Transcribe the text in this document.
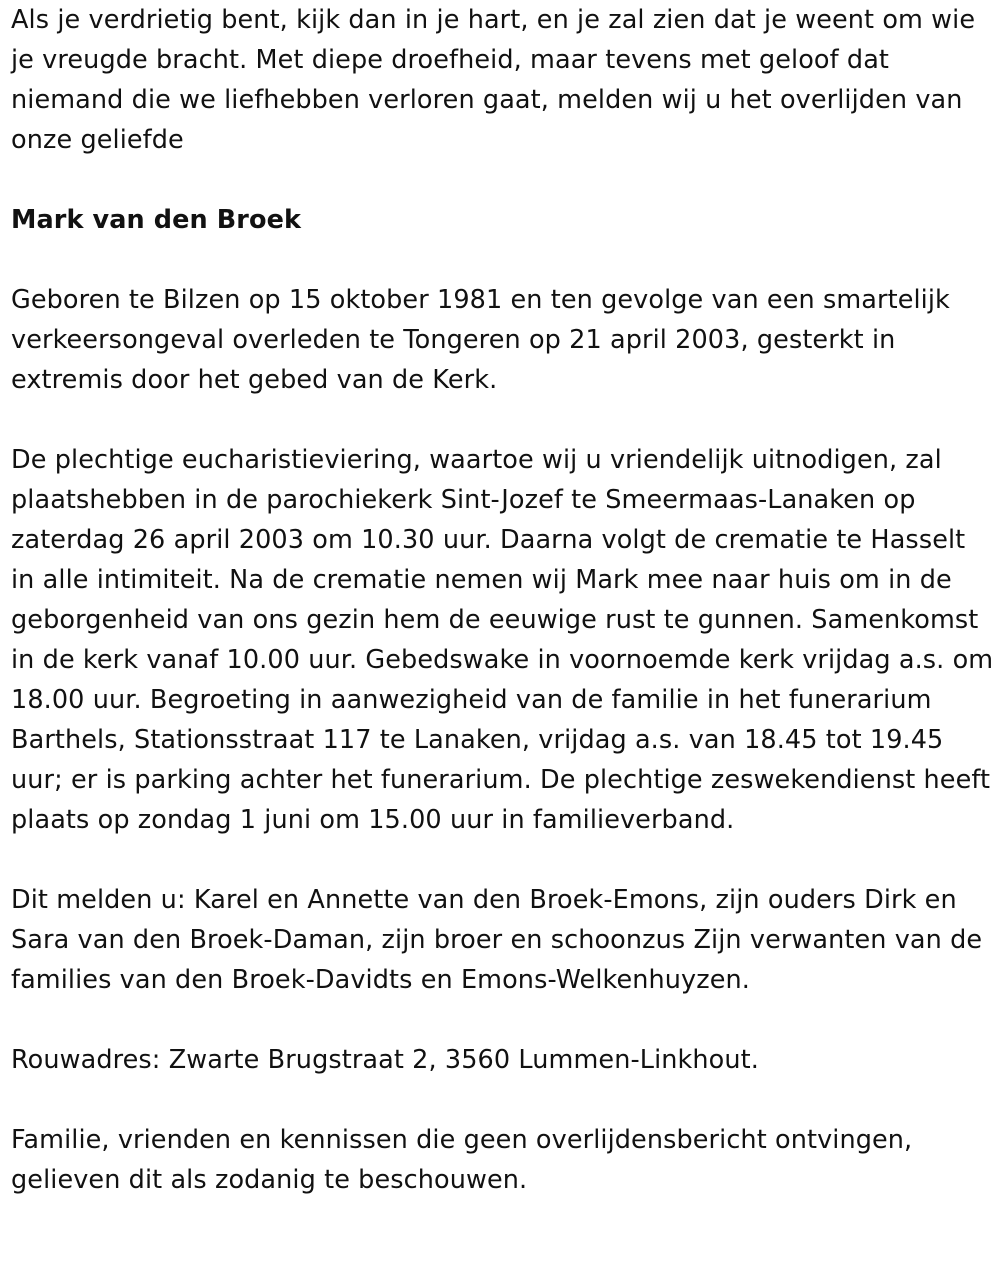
Als je verdrietig bent, kijk dan in je hart, en je zal zien dat je weent om wie je vreugde bracht. Met diepe droefheid, maar tevens met geloof dat niemand die we liefhebben verloren gaat, melden wij u het overlijden van onze geliefde

Mark van den Broek

Geboren te Bilzen op 15 oktober 1981 en ten gevolge van een smartelijk verkeersongeval overleden te Tongeren op 21 april 2003, gesterkt in extremis door het gebed van de Kerk.

De plechtige eucharistieviering, waartoe wij u vriendelijk uitnodigen, zal plaatshebben in de parochiekerk Sint-Jozef te Smeermaas-Lanaken op zaterdag 26 april 2003 om 10.30 uur. Daarna volgt de crematie te Hasselt in alle intimiteit. Na de crematie nemen wij Mark mee naar huis om in de geborgenheid van ons gezin hem de eeuwige rust te gunnen. Samenkomst in de kerk vanaf 10.00 uur. Gebedswake in voornoemde kerk vrijdag a.s. om 18.00 uur. Begroeting in aanwezigheid van de familie in het funerarium Barthels, Stationsstraat 117 te Lanaken, vrijdag a.s. van 18.45 tot 19.45 uur; er is parking achter het funerarium. De plechtige zeswekendienst heeft plaats op zondag 1 juni om 15.00 uur in familieverband.

Dit melden u: Karel en Annette van den Broek-Emons, zijn ouders Dirk en Sara van den Broek-Daman, zijn broer en schoonzus Zijn verwanten van de families van den Broek-Davidts en Emons-Welkenhuyzen.

Rouwadres: Zwarte Brugstraat 2, 3560 Lummen-Linkhout.

Familie, vrienden en kennissen die geen overlijdensbericht ontvingen, gelieven dit als zodanig te beschouwen.
